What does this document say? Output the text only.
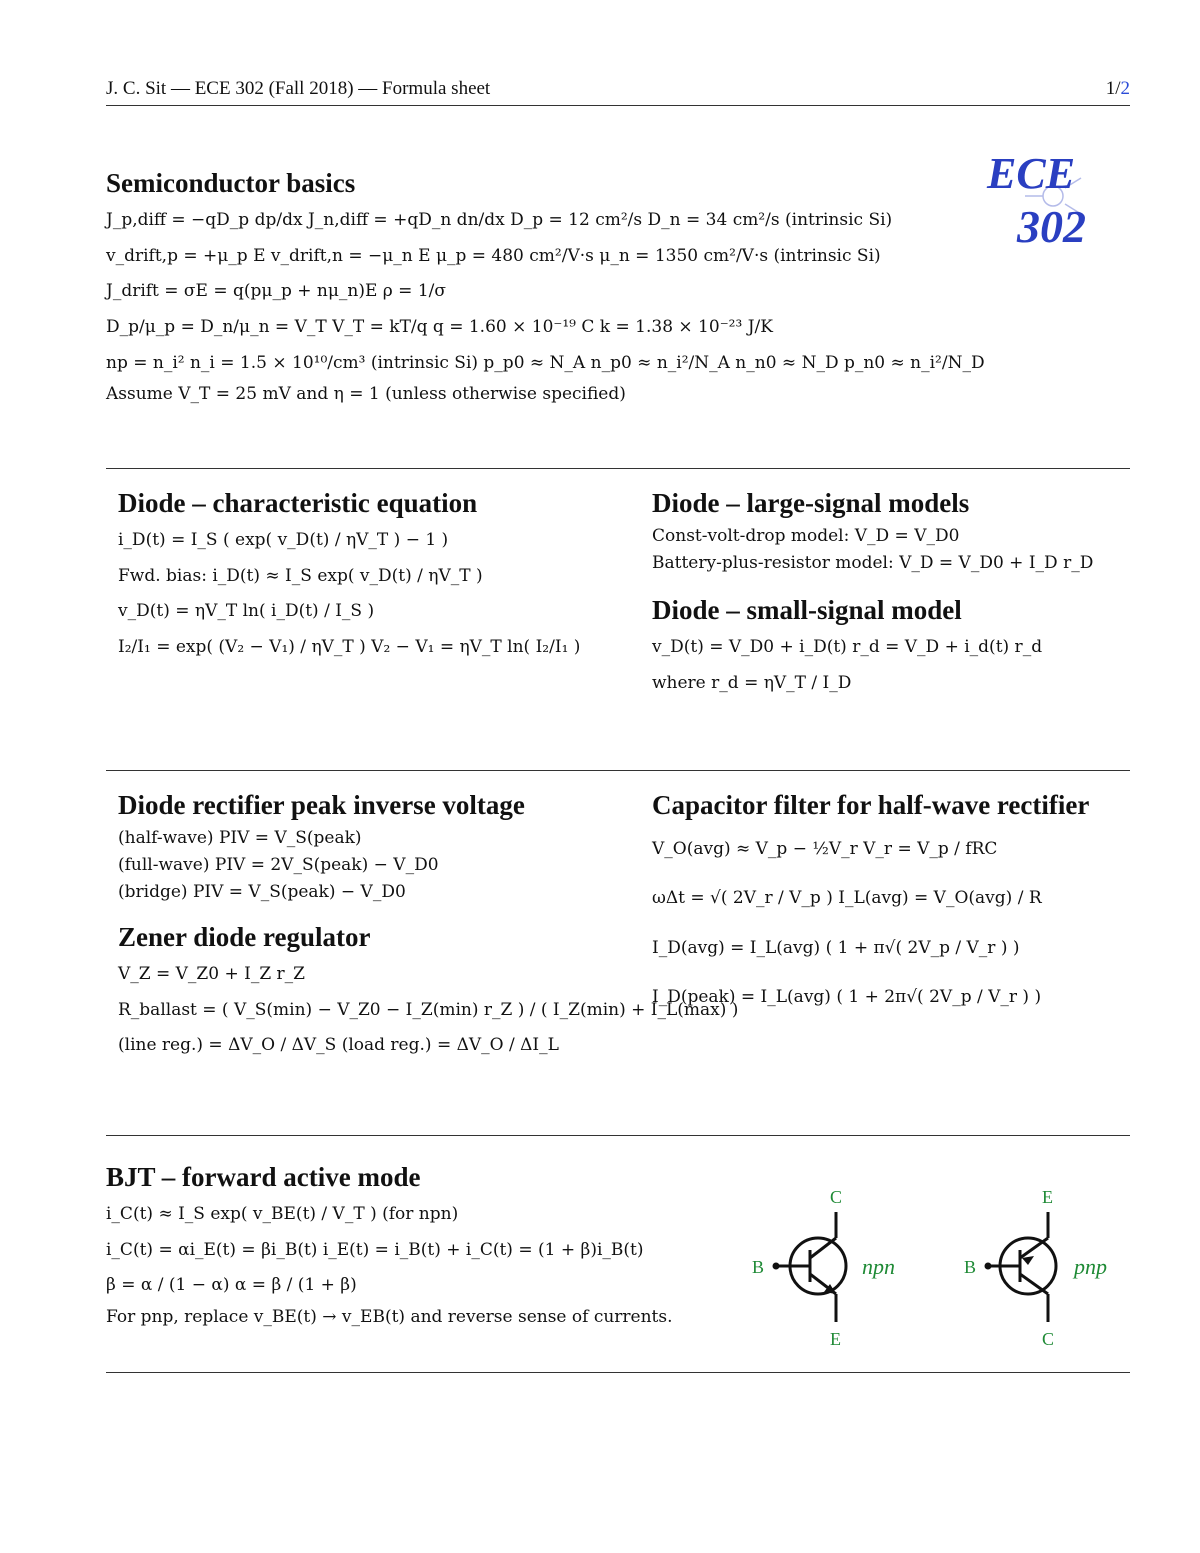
J. C. Sit — ECE 302 (Fall 2018) — Formula sheet	1/2
ECE
302
Semiconductor basics
J_p,diff = −qD_p dp/dx J_n,diff = +qD_n dn/dx D_p = 12 cm²/s D_n = 34 cm²/s (intrinsic Si)
v_drift,p = +μ_p E v_drift,n = −μ_n E μ_p = 480 cm²/V·s μ_n = 1350 cm²/V·s (intrinsic Si)
J_drift = σE = q(pμ_p + nμ_n)E ρ = 1/σ
D_p/μ_p = D_n/μ_n = V_T V_T = kT/q q = 1.60 × 10⁻¹⁹ C k = 1.38 × 10⁻²³ J/K
np = n_i² n_i = 1.5 × 10¹⁰/cm³ (intrinsic Si) p_p0 ≈ N_A n_p0 ≈ n_i²/N_A n_n0 ≈ N_D p_n0 ≈ n_i²/N_D
Assume V_T = 25 mV and η = 1 (unless otherwise specified)
Diode – characteristic equation
i_D(t) = I_S ( exp( v_D(t) / ηV_T ) − 1 )
Fwd. bias: i_D(t) ≈ I_S exp( v_D(t) / ηV_T )
v_D(t) = ηV_T ln( i_D(t) / I_S )
I₂/I₁ = exp( (V₂ − V₁) / ηV_T ) V₂ − V₁ = ηV_T ln( I₂/I₁ )
Diode – large-signal models
Const-volt-drop model: V_D = V_D0
Battery-plus-resistor model: V_D = V_D0 + I_D r_D
Diode – small-signal model
v_D(t) = V_D0 + i_D(t) r_d = V_D + i_d(t) r_d
where r_d = ηV_T / I_D
Diode rectifier peak inverse voltage
(half-wave) PIV = V_S(peak)
(full-wave) PIV = 2V_S(peak) − V_D0
(bridge) PIV = V_S(peak) − V_D0
Zener diode regulator
V_Z = V_Z0 + I_Z r_Z
R_ballast = ( V_S(min) − V_Z0 − I_Z(min) r_Z ) / ( I_Z(min) + I_L(max) )
(line reg.) = ΔV_O / ΔV_S (load reg.) = ΔV_O / ΔI_L
Capacitor filter for half-wave rectifier
V_O(avg) ≈ V_p − ½V_r V_r = V_p / fRC
ωΔt = √( 2V_r / V_p ) I_L(avg) = V_O(avg) / R
I_D(avg) = I_L(avg) ( 1 + π√( 2V_p / V_r ) )
I_D(peak) = I_L(avg) ( 1 + 2π√( 2V_p / V_r ) )
BJT – forward active mode
i_C(t) ≈ I_S exp( v_BE(t) / V_T ) (for npn)
i_C(t) = αi_E(t) = βi_B(t) i_E(t) = i_B(t) + i_C(t) = (1 + β)i_B(t)
β = α / (1 − α) α = β / (1 + β)
For pnp, replace v_BE(t) → v_EB(t) and reverse sense of currents.
C
B
E
npn
E
B
C
pnp
